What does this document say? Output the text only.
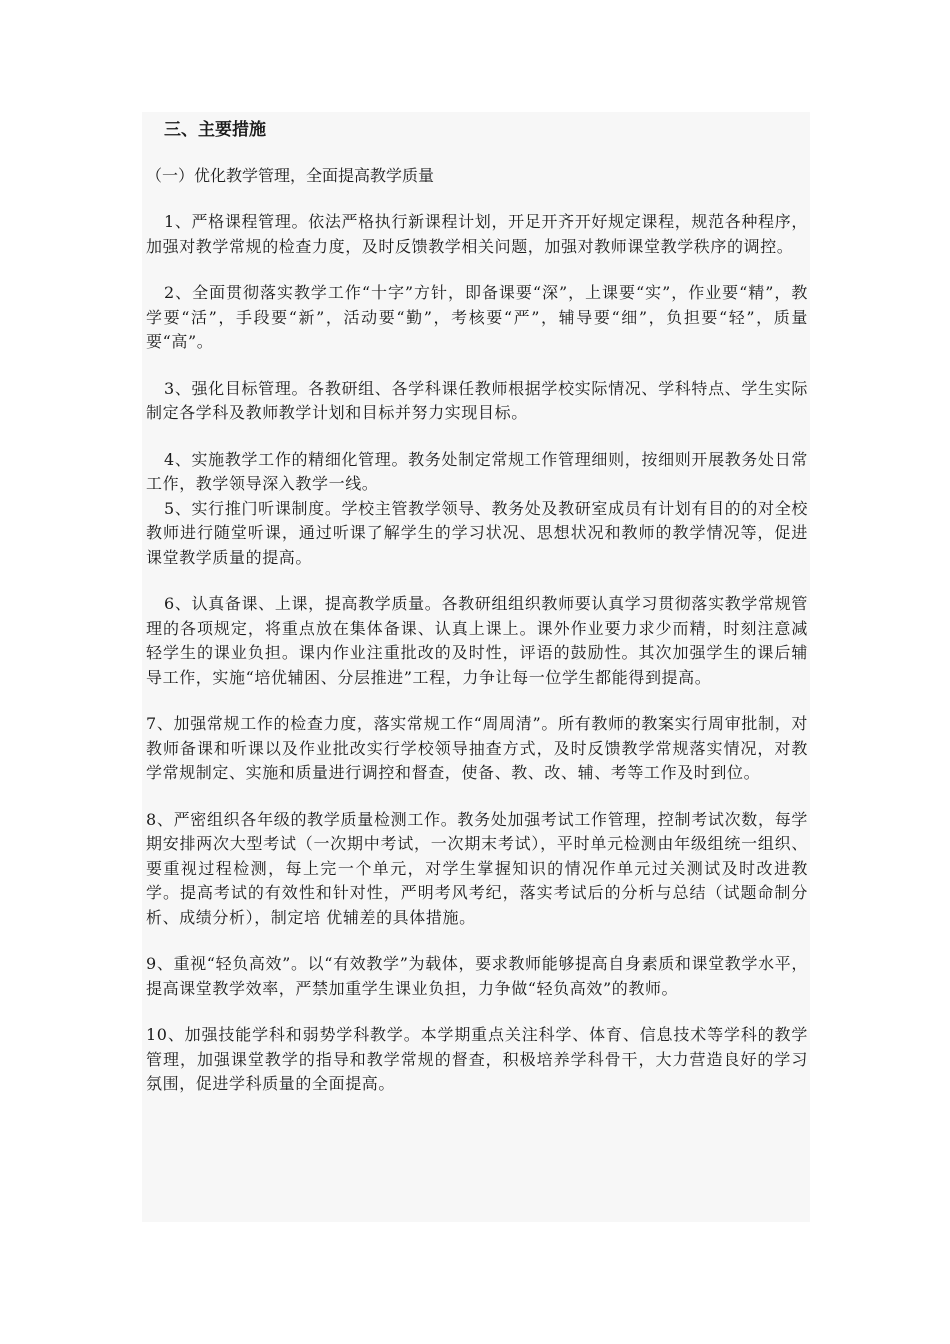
三、主要措施
（一）优化教学管理，全面提高教学质量

1、严格课程管理。依法严格执行新课程计划，开足开齐开好规定课程，规范各种程序，加强对教学常规的检查力度，及时反馈教学相关问题，加强对教师课堂教学秩序的调控。

2、全面贯彻落实教学工作“十字”方针，即备课要“深”，上课要“实”，作业要“精”，教学要“活”，手段要“新”，活动要“勤”，考核要“严”，辅导要“细”，负担要“轻”，质量要“高”。

3、强化目标管理。各教研组、各学科课任教师根据学校实际情况、学科特点、学生实际制定各学科及教师教学计划和目标并努力实现目标。

4、实施教学工作的精细化管理。教务处制定常规工作管理细则，按细则开展教务处日常工作，教学领导深入教学一线。

5、实行推门听课制度。学校主管教学领导、教务处及教研室成员有计划有目的的对全校教师进行随堂听课，通过听课了解学生的学习状况、思想状况和教师的教学情况等，促进课堂教学质量的提高。

6、认真备课、上课，提高教学质量。各教研组组织教师要认真学习贯彻落实教学常规管理的各项规定，将重点放在集体备课、认真上课上。课外作业要力求少而精，时刻注意减轻学生的课业负担。课内作业注重批改的及时性，评语的鼓励性。其次加强学生的课后辅导工作，实施“培优辅困、分层推进”工程，力争让每一位学生都能得到提高。

7、加强常规工作的检查力度，落实常规工作“周周清”。所有教师的教案实行周审批制，对教师备课和听课以及作业批改实行学校领导抽查方式，及时反馈教学常规落实情况，对教学常规制定、实施和质量进行调控和督查，使备、教、改、辅、考等工作及时到位。

8、严密组织各年级的教学质量检测工作。教务处加强考试工作管理，控制考试次数，每学期安排两次大型考试（一次期中考试，一次期末考试），平时单元检测由年级组统一组织、要重视过程检测，每上完一个单元，对学生掌握知识的情况作单元过关测试及时改进教学。提高考试的有效性和针对性，严明考风考纪，落实考试后的分析与总结（试题命制分析、成绩分析），制定培 优辅差的具体措施。

9、重视“轻负高效”。以“有效教学”为载体，要求教师能够提高自身素质和课堂教学水平，提高课堂教学效率，严禁加重学生课业负担，力争做“轻负高效”的教师。

10、加强技能学科和弱势学科教学。本学期重点关注科学、体育、信息技术等学科的教学管理，加强课堂教学的指导和教学常规的督查，积极培养学科骨干，大力营造良好的学习氛围，促进学科质量的全面提高。
